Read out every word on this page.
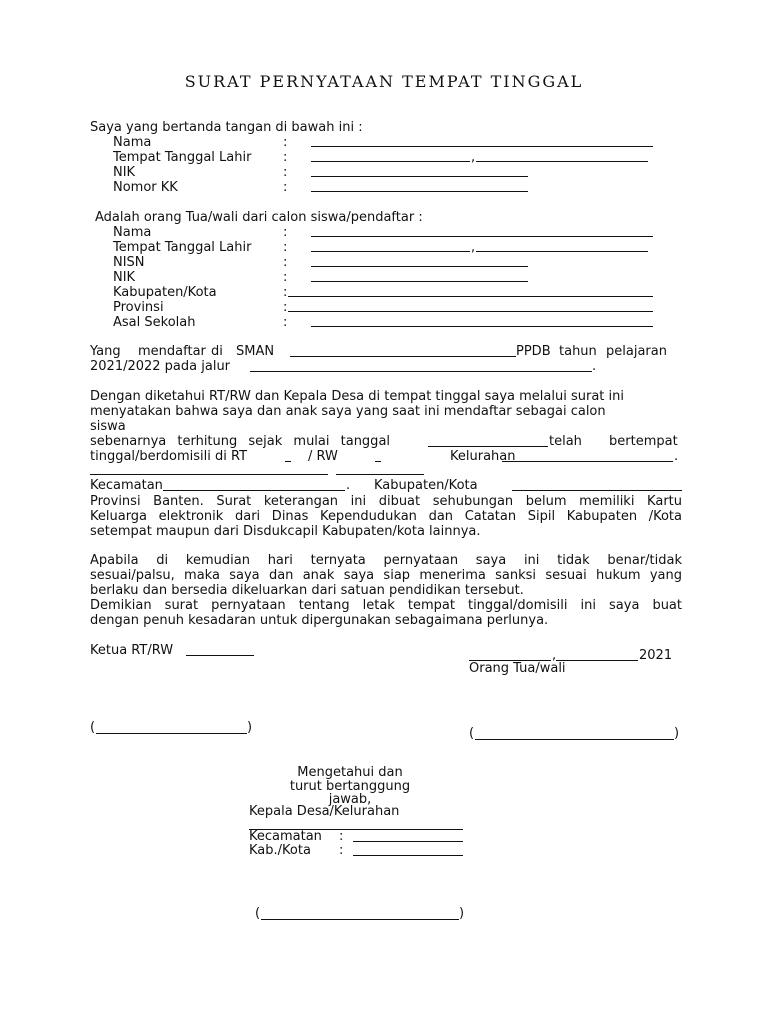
SURAT PERNYATAAN TEMPAT TINGGAL
Saya yang bertanda tangan di bawah ini :
Nama	:
Tempat Tanggal Lahir :	,
NIK	:
Nomor KK	:
Adalah orang Tua/wali dari calon siswa/pendaftar :
Nama	:
Tempat Tanggal Lahir :	,
NISN	:
NIK	:
Kabupaten/Kota	:
Provinsi	:
Asal Sekolah	:
Yang mendaftar di SMAN	PPDB tahun pelajaran
2021/2022 pada jalur	.
Dengan diketahui RT/RW dan Kepala Desa di tempat tinggal saya melalui surat ini
menyatakan bahwa saya dan anak saya yang saat ini mendaftar sebagai calon
siswa
sebenarnya terhitung sejak mulai tanggal	telah bertempat
tinggal/berdomisili di RT	/ RW	Kelurahan	.
Kecamatan	. Kabupaten/Kota
Provinsi Banten. Surat keterangan ini dibuat sehubungan belum memiliki Kartu
Keluarga elektronik dari Dinas Kependudukan dan Catatan Sipil Kabupaten /Kota
setempat maupun dari Disdukcapil Kabupaten/kota lainnya.
Apabila di kemudian hari ternyata pernyataan saya ini tidak benar/tidak
sesuai/palsu, maka saya dan anak saya siap menerima sanksi sesuai hukum yang
berlaku dan bersedia dikeluarkan dari satuan pendidikan tersebut.
Demikian surat pernyataan tentang letak tempat tinggal/domisili ini saya buat
dengan penuh kesadaran untuk dipergunakan sebagaimana perlunya.
Ketua RT/RW	,	2021
Orang Tua/wali
(	)	(	)
Mengetahui dan
turut bertanggung
jawab,
Kepala Desa/Kelurahan
Kecamatan :
Kab./Kota :
(	)
